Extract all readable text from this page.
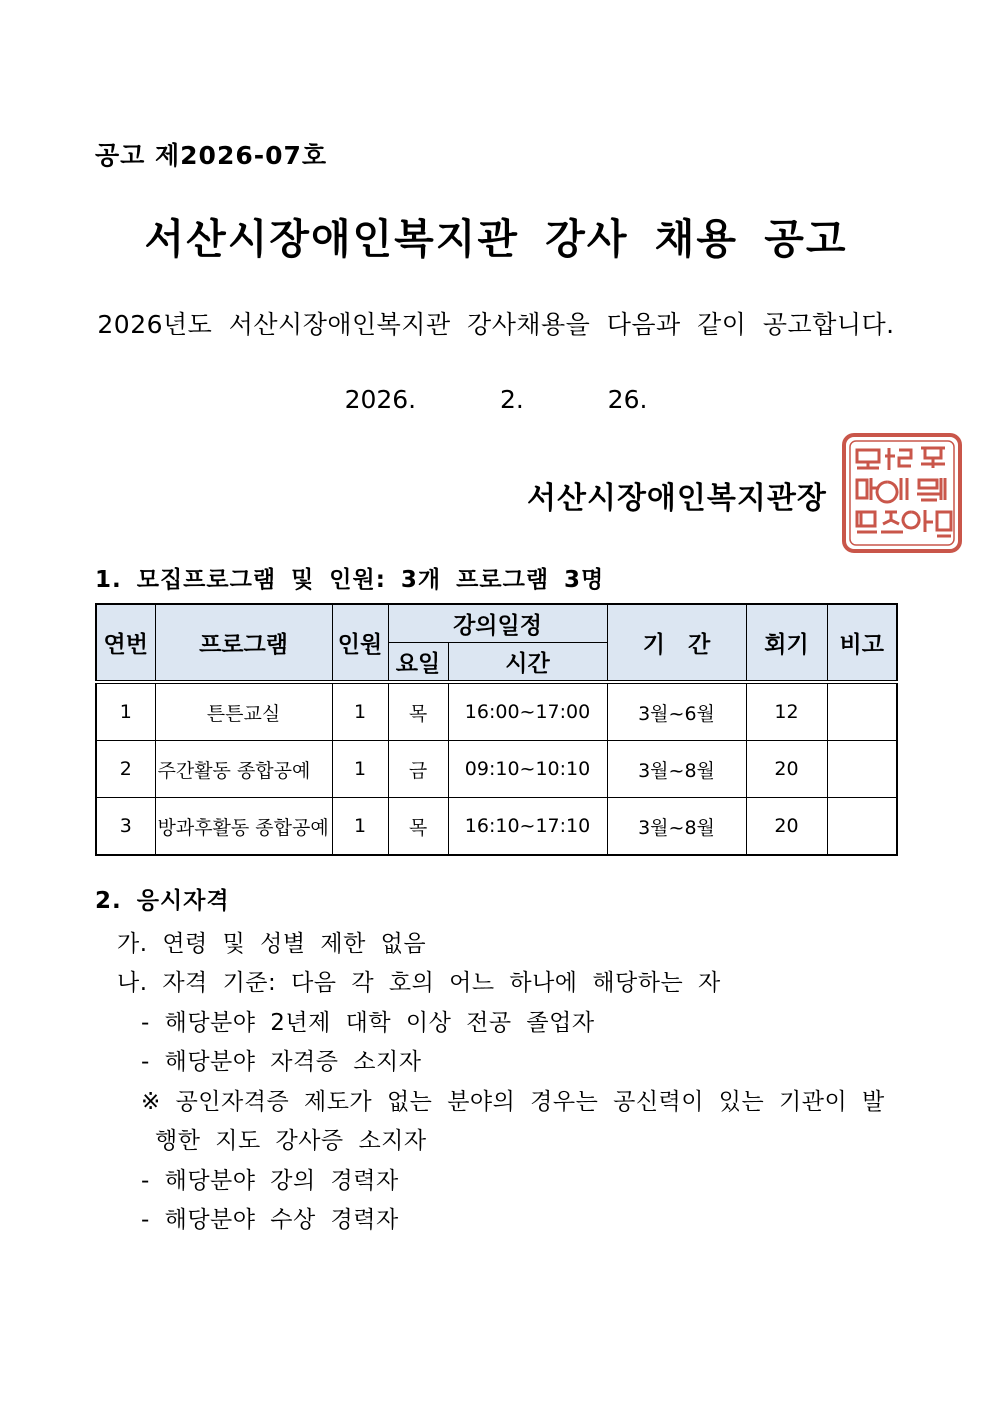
공고 제2026-07호
서산시장애인복지관 강사 채용 공고
2026년도 서산시장애인복지관 강사채용을 다음과 같이 공고합니다.
2026.   2.   26.
서산시장애인복지관장
1. 모집프로그램 및 인원: 3개 프로그램 3명
연번	프로그램	인원	강의일정		기　간	회기	비고
			요일	시간			
1	튼튼교실	1	목	16:00~17:00	3월~6월	12	
2	주간활동 종합공예	1	금	09:10~10:10	3월~8월	20	
3	방과후활동 종합공예	1	목	16:10~17:10	3월~8월	20	
2. 응시자격
가. 연령 및 성별 제한 없음
나. 자격 기준: 다음 각 호의 어느 하나에 해당하는 자
- 해당분야 2년제 대학 이상 전공 졸업자
- 해당분야 자격증 소지자
※ 공인자격증 제도가 없는 분야의 경우는 공신력이 있는 기관이 발
행한 지도 강사증 소지자
- 해당분야 강의 경력자
- 해당분야 수상 경력자
